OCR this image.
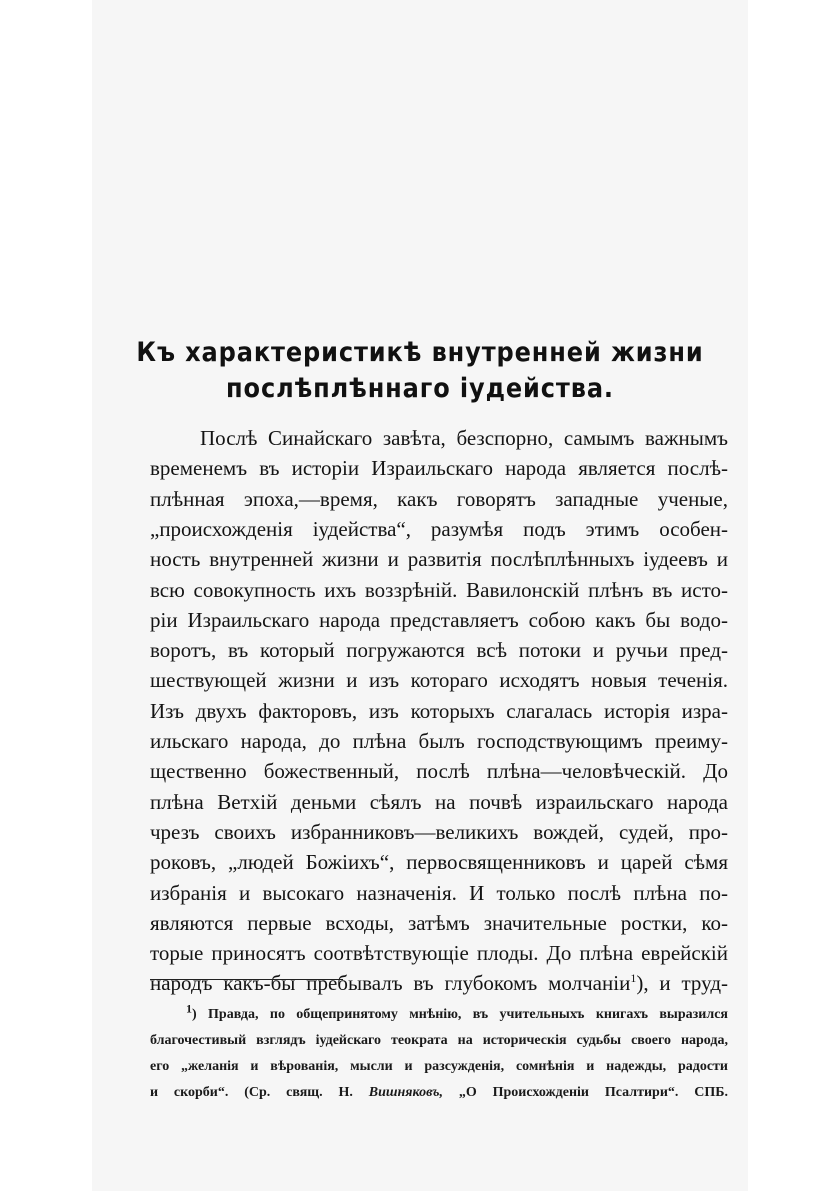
Къ характеристикѣ внутренней жизни
послѣплѣннаго іудейства.
Послѣ Синайскаго завѣта, безспорно, самымъ важнымъ
временемъ въ исторіи Израильскаго народа является послѣ-
плѣнная эпоха,—время, какъ говорятъ западные ученые,
„происхожденія іудейства“, разумѣя подъ этимъ особен-
ность внутренней жизни и развитія послѣплѣнныхъ іудеевъ и
всю совокупность ихъ воззрѣній. Вавилонскій плѣнъ въ исто-
ріи Израильскаго народа представляетъ собою какъ бы водо-
воротъ, въ который погружаются всѣ потоки и ручьи пред-
шествующей жизни и изъ котораго исходятъ новыя теченія.
Изъ двухъ факторовъ, изъ которыхъ слагалась исторія изра-
ильскаго народа, до плѣна былъ господствующимъ преиму-
щественно божественный, послѣ плѣна—человѣческій. До
плѣна Ветхій деньми сѣялъ на почвѣ израильскаго народа
чрезъ своихъ избранниковъ—великихъ вождей, судей, про-
роковъ, „людей Божіихъ“, первосвященниковъ и царей сѣмя
избранія и высокаго назначенія. И только послѣ плѣна по-
являются первые всходы, затѣмъ значительные ростки, ко-
торые приносятъ соотвѣтствующіе плоды. До плѣна еврейскій
$^1$) Правда, по общепринятому мнѣнію, въ учительныхъ книгахъ выразился
благочестивый взглядъ іудейскаго теократа на историческія судьбы своего народа,
его „желанія и вѣрованія, мысли и разсужденія, сомнѣнія и надежды, радости
и скорби“. (Ср. свящ. Н. Вишняковъ, „О Происхожденіи Псалтири“. СПБ.
народъ какъ-бы пребывалъ въ глубокомъ молчаніи$^1$), и труд-
